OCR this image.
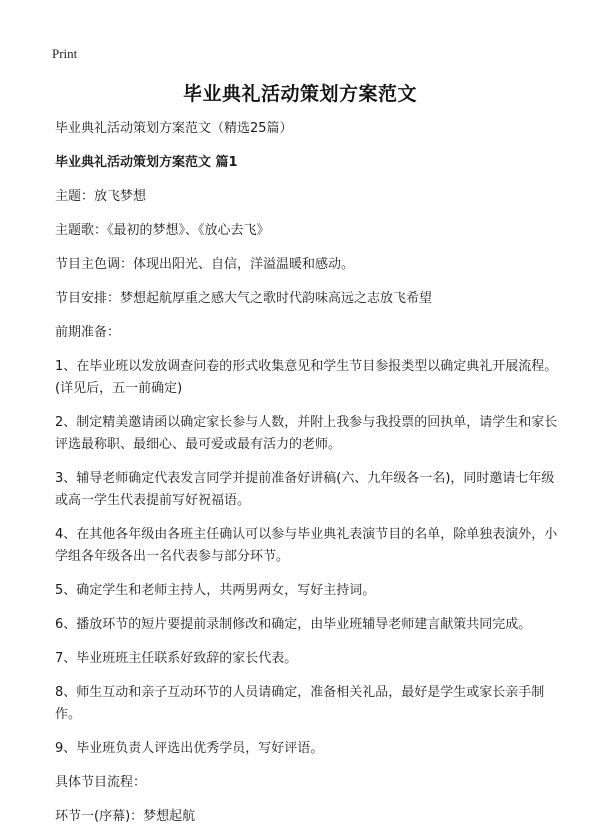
Print
毕业典礼活动策划方案范文

毕业典礼活动策划方案范文（精选25篇）

毕业典礼活动策划方案范文 篇1

主题：放飞梦想

主题歌：《最初的梦想》、《放心去飞》

节目主色调：体现出阳光、自信，洋溢温暖和感动。

节目安排：梦想起航厚重之感大气之歌时代韵味高远之志放飞希望

前期准备：

1、在毕业班以发放调查问卷的形式收集意见和学生节目参报类型以确定典礼开展流程。(详见后，五一前确定)

2、制定精美邀请函以确定家长参与人数，并附上我参与我投票的回执单，请学生和家长评选最称职、最细心、最可爱或最有活力的老师。

3、辅导老师确定代表发言同学并提前准备好讲稿(六、九年级各一名)，同时邀请七年级或高一学生代表提前写好祝福语。

4、在其他各年级由各班主任确认可以参与毕业典礼表演节目的名单，除单独表演外，小学组各年级各出一名代表参与部分环节。

5、确定学生和老师主持人，共两男两女，写好主持词。

6、播放环节的短片要提前录制修改和确定，由毕业班辅导老师建言献策共同完成。

7、毕业班班主任联系好致辞的家长代表。

8、师生互动和亲子互动环节的人员请确定，准备相关礼品，最好是学生或家长亲手制作。

9、毕业班负责人评选出优秀学员，写好评语。

具体节目流程：

环节一(序幕)：梦想起航
